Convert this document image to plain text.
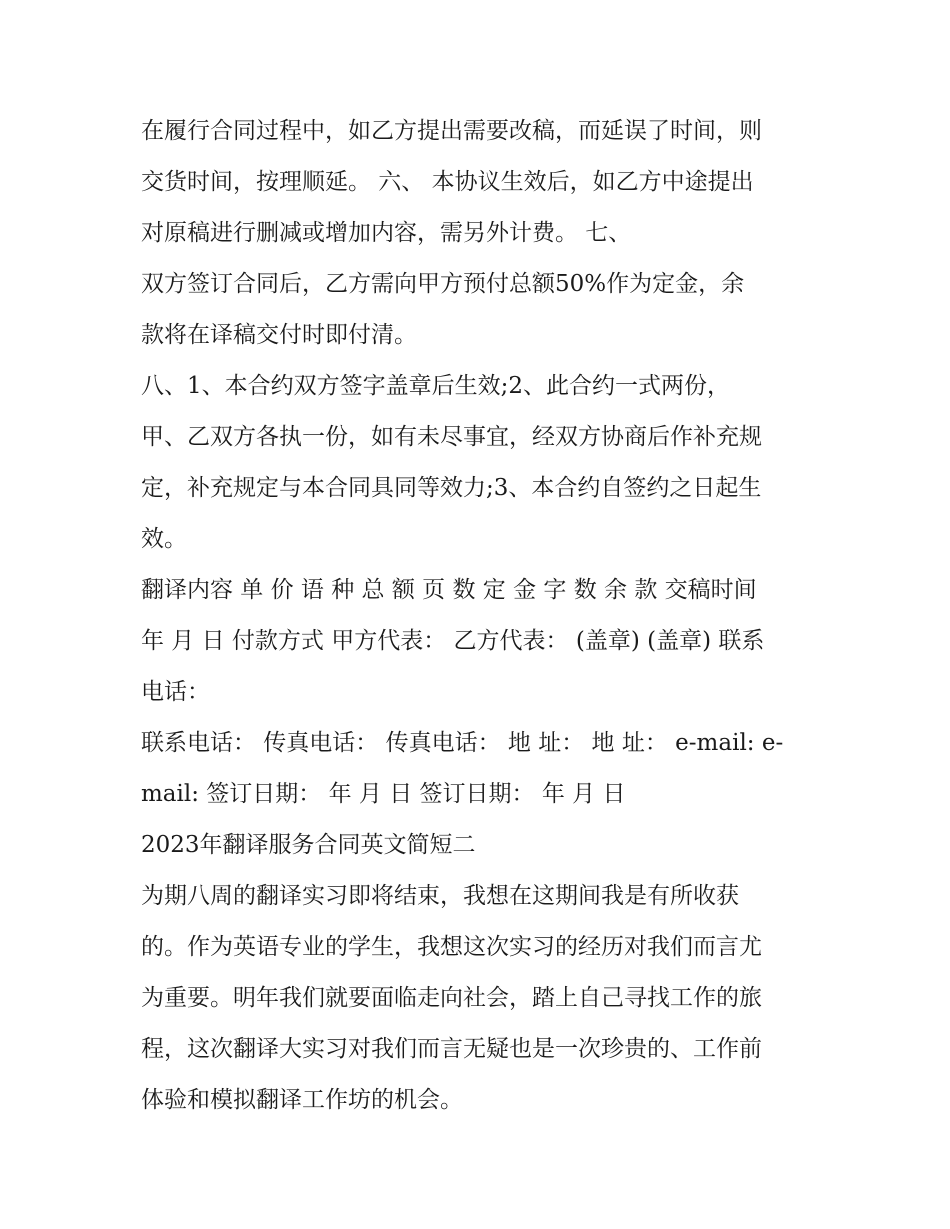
在履行合同过程中，如乙方提出需要改稿，而延误了时间，则
交货时间，按理顺延。 六、 本协议生效后，如乙方中途提出
对原稿进行删减或增加内容，需另外计费。 七、
双方签订合同后，乙方需向甲方预付总额50%作为定金，余
款将在译稿交付时即付清。
八、1、本合约双方签字盖章后生效;2、此合约一式两份，
甲、乙双方各执一份，如有未尽事宜，经双方协商后作补充规
定，补充规定与本合同具同等效力;3、本合约自签约之日起生
效。
翻译内容 单 价 语 种 总 额 页 数 定 金 字 数 余 款 交稿时间
年 月 日 付款方式 甲方代表： 乙方代表： (盖章) (盖章) 联系
电话：
联系电话： 传真电话： 传真电话： 地 址： 地 址： e-mail: e-
mail: 签订日期： 年 月 日 签订日期： 年 月 日
2023年翻译服务合同英文简短二
为期八周的翻译实习即将结束，我想在这期间我是有所收获
的。作为英语专业的学生，我想这次实习的经历对我们而言尤
为重要。明年我们就要面临走向社会，踏上自己寻找工作的旅
程，这次翻译大实习对我们而言无疑也是一次珍贵的、工作前
体验和模拟翻译工作坊的机会。
